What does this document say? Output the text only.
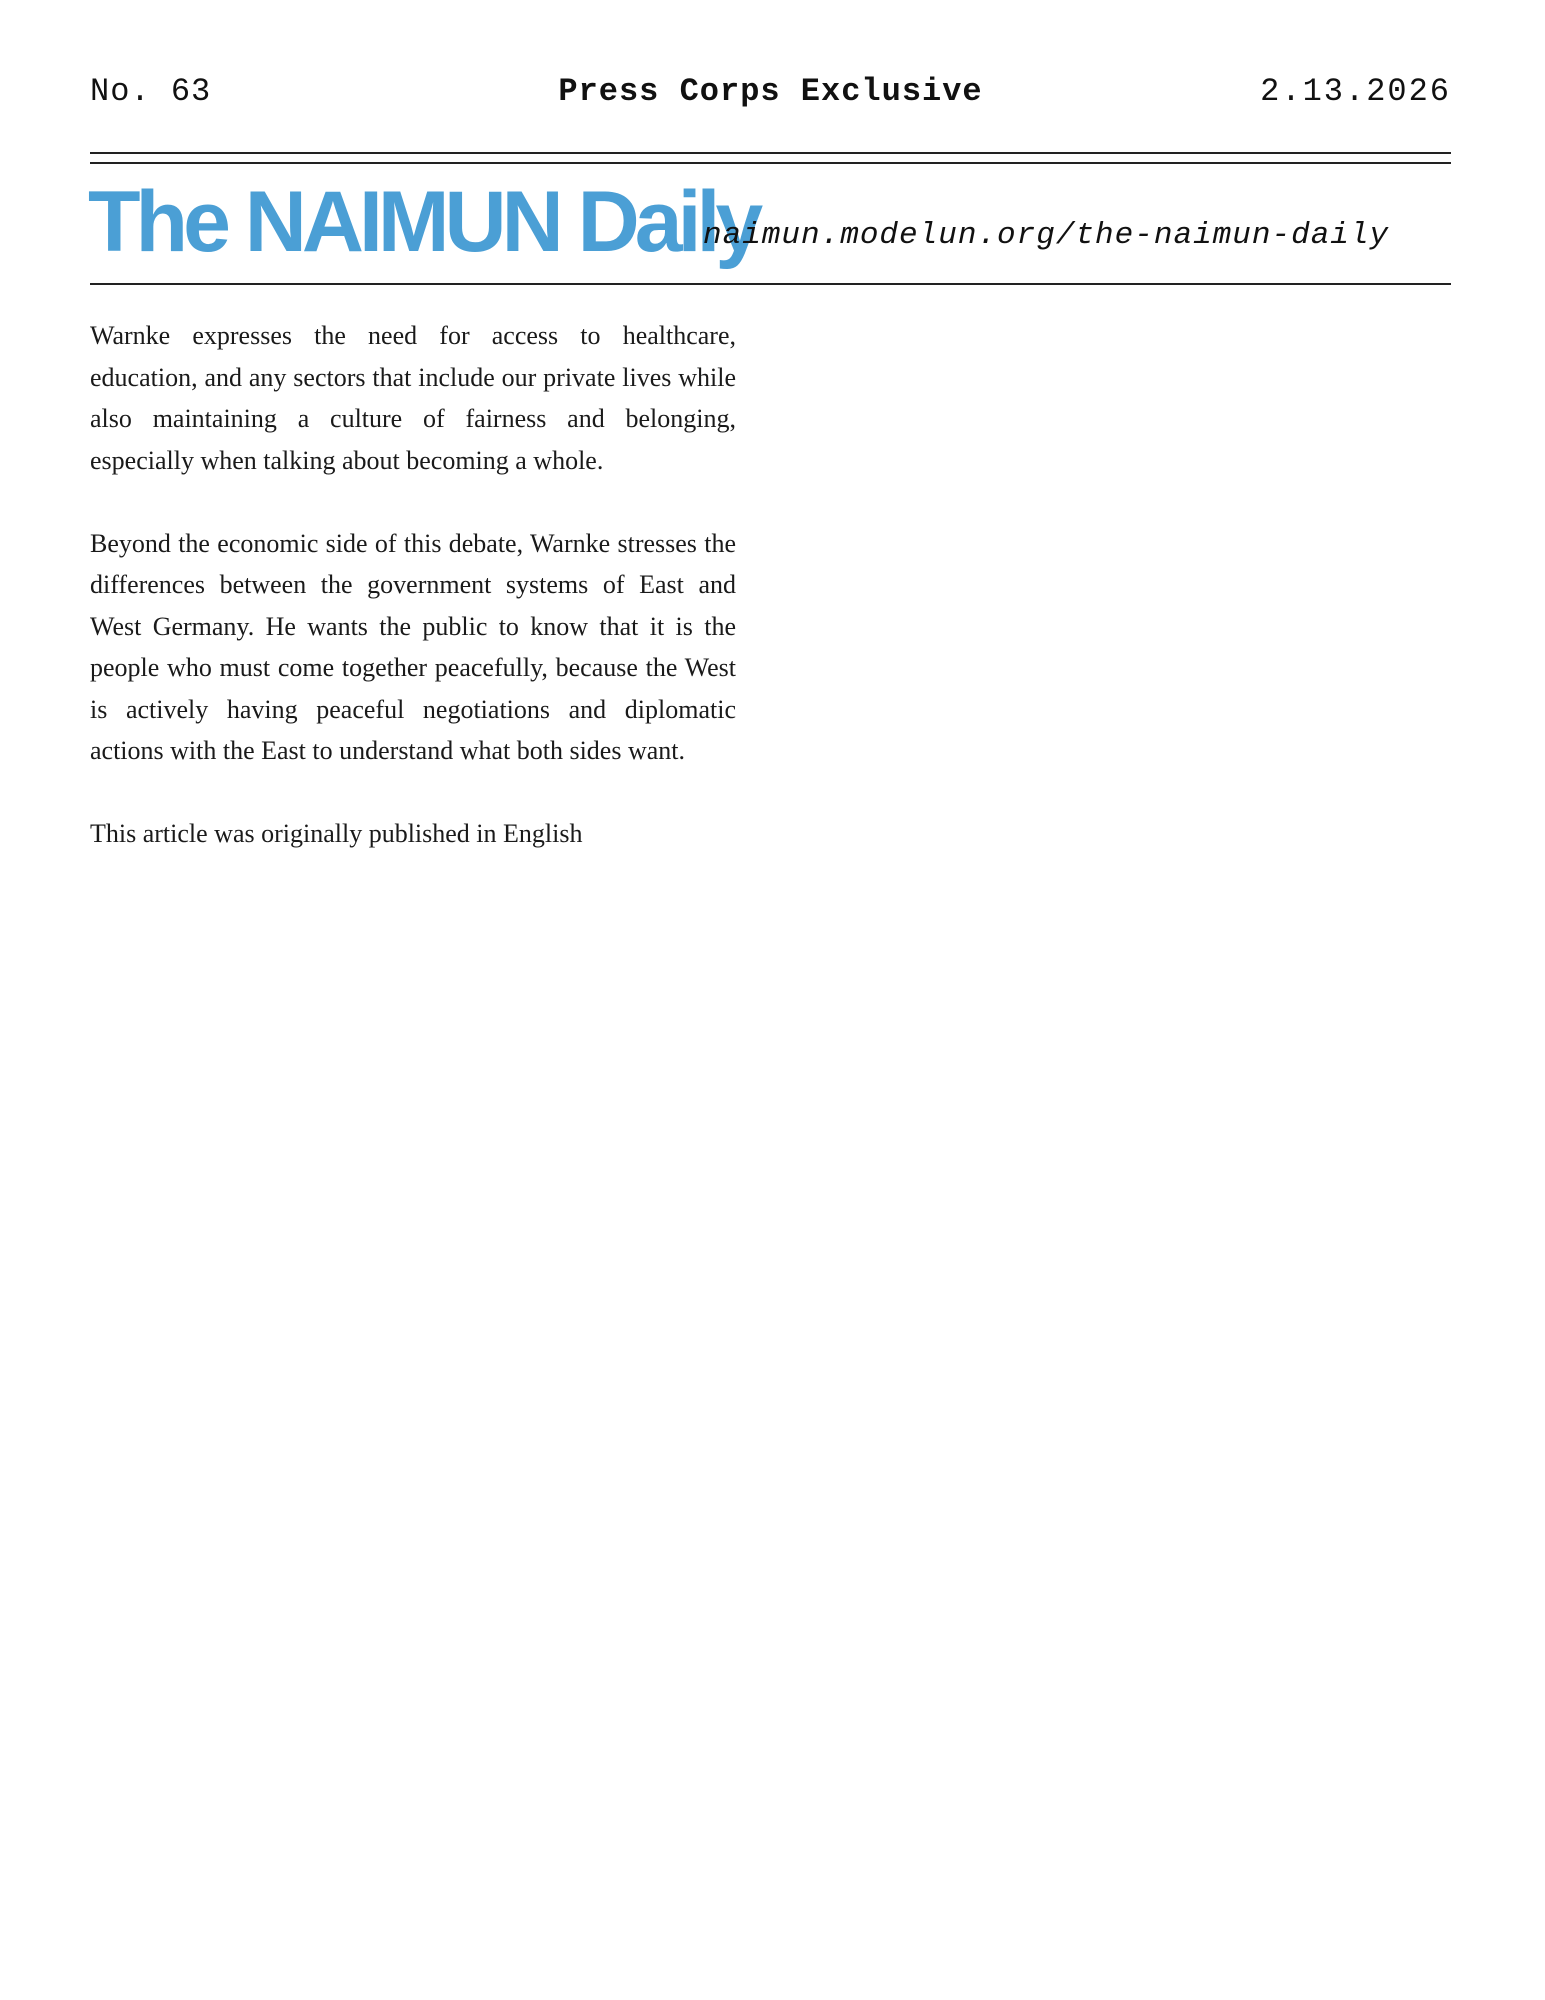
No. 63	Press Corps Exclusive	2.13.2026
The NAIMUN Daily
naimun.modelun.org/the-naimun-daily

Warnke expresses the need for access to healthcare, education, and any sectors that include our private lives while also maintaining a culture of fairness and belonging, especially when talking about becoming a whole.

Beyond the economic side of this debate, Warnke stresses the differences between the government systems of East and West Germany. He wants the public to know that it is the people who must come together peacefully, because the West is actively having peaceful negotiations and diplomatic actions with the East to understand what both sides want.

This article was originally published in English
